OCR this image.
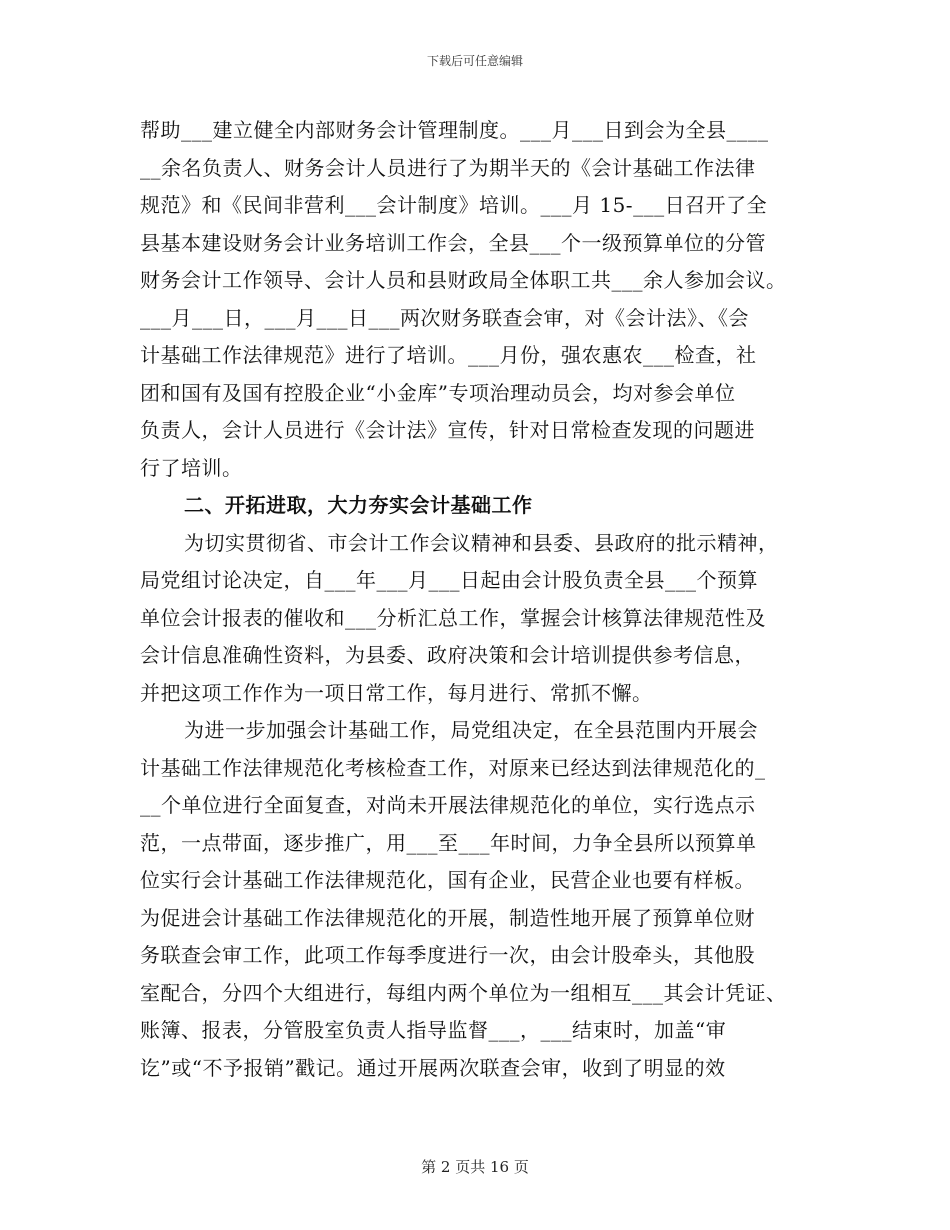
下载后可任意编辑
帮助___建立健全内部财务会计管理制度。___月___日到会为全县____
__余名负责人、财务会计人员进行了为期半天的《会计基础工作法律
规范》和《民间非营利___会计制度》培训。___月 15-___日召开了全
县基本建设财务会计业务培训工作会，全县___个一级预算单位的分管
财务会计工作领导、会计人员和县财政局全体职工共___余人参加会议。
___月___日，___月___日___两次财务联查会审，对《会计法》、《会
计基础工作法律规范》进行了培训。___月份，强农惠农___检查，社
团和国有及国有控股企业“小金库”专项治理动员会，均对参会单位
负责人，会计人员进行《会计法》宣传，针对日常检查发现的问题进
行了培训。
二、开拓进取，大力夯实会计基础工作
为切实贯彻省、市会计工作会议精神和县委、县政府的批示精神，
局党组讨论决定，自___年___月___日起由会计股负责全县___个预算
单位会计报表的催收和___分析汇总工作，掌握会计核算法律规范性及
会计信息准确性资料，为县委、政府决策和会计培训提供参考信息，
并把这项工作作为一项日常工作，每月进行、常抓不懈。
为进一步加强会计基础工作，局党组决定，在全县范围内开展会
计基础工作法律规范化考核检查工作，对原来已经达到法律规范化的_
__个单位进行全面复查，对尚未开展法律规范化的单位，实行选点示
范，一点带面，逐步推广，用___至___年时间，力争全县所以预算单
位实行会计基础工作法律规范化，国有企业，民营企业也要有样板。
为促进会计基础工作法律规范化的开展，制造性地开展了预算单位财
务联查会审工作，此项工作每季度进行一次，由会计股牵头，其他股
室配合，分四个大组进行，每组内两个单位为一组相互___其会计凭证、
账簿、报表，分管股室负责人指导监督___，___结束时，加盖“审
讫”或“不予报销”戳记。通过开展两次联查会审，收到了明显的效
第 2 页共 16 页
